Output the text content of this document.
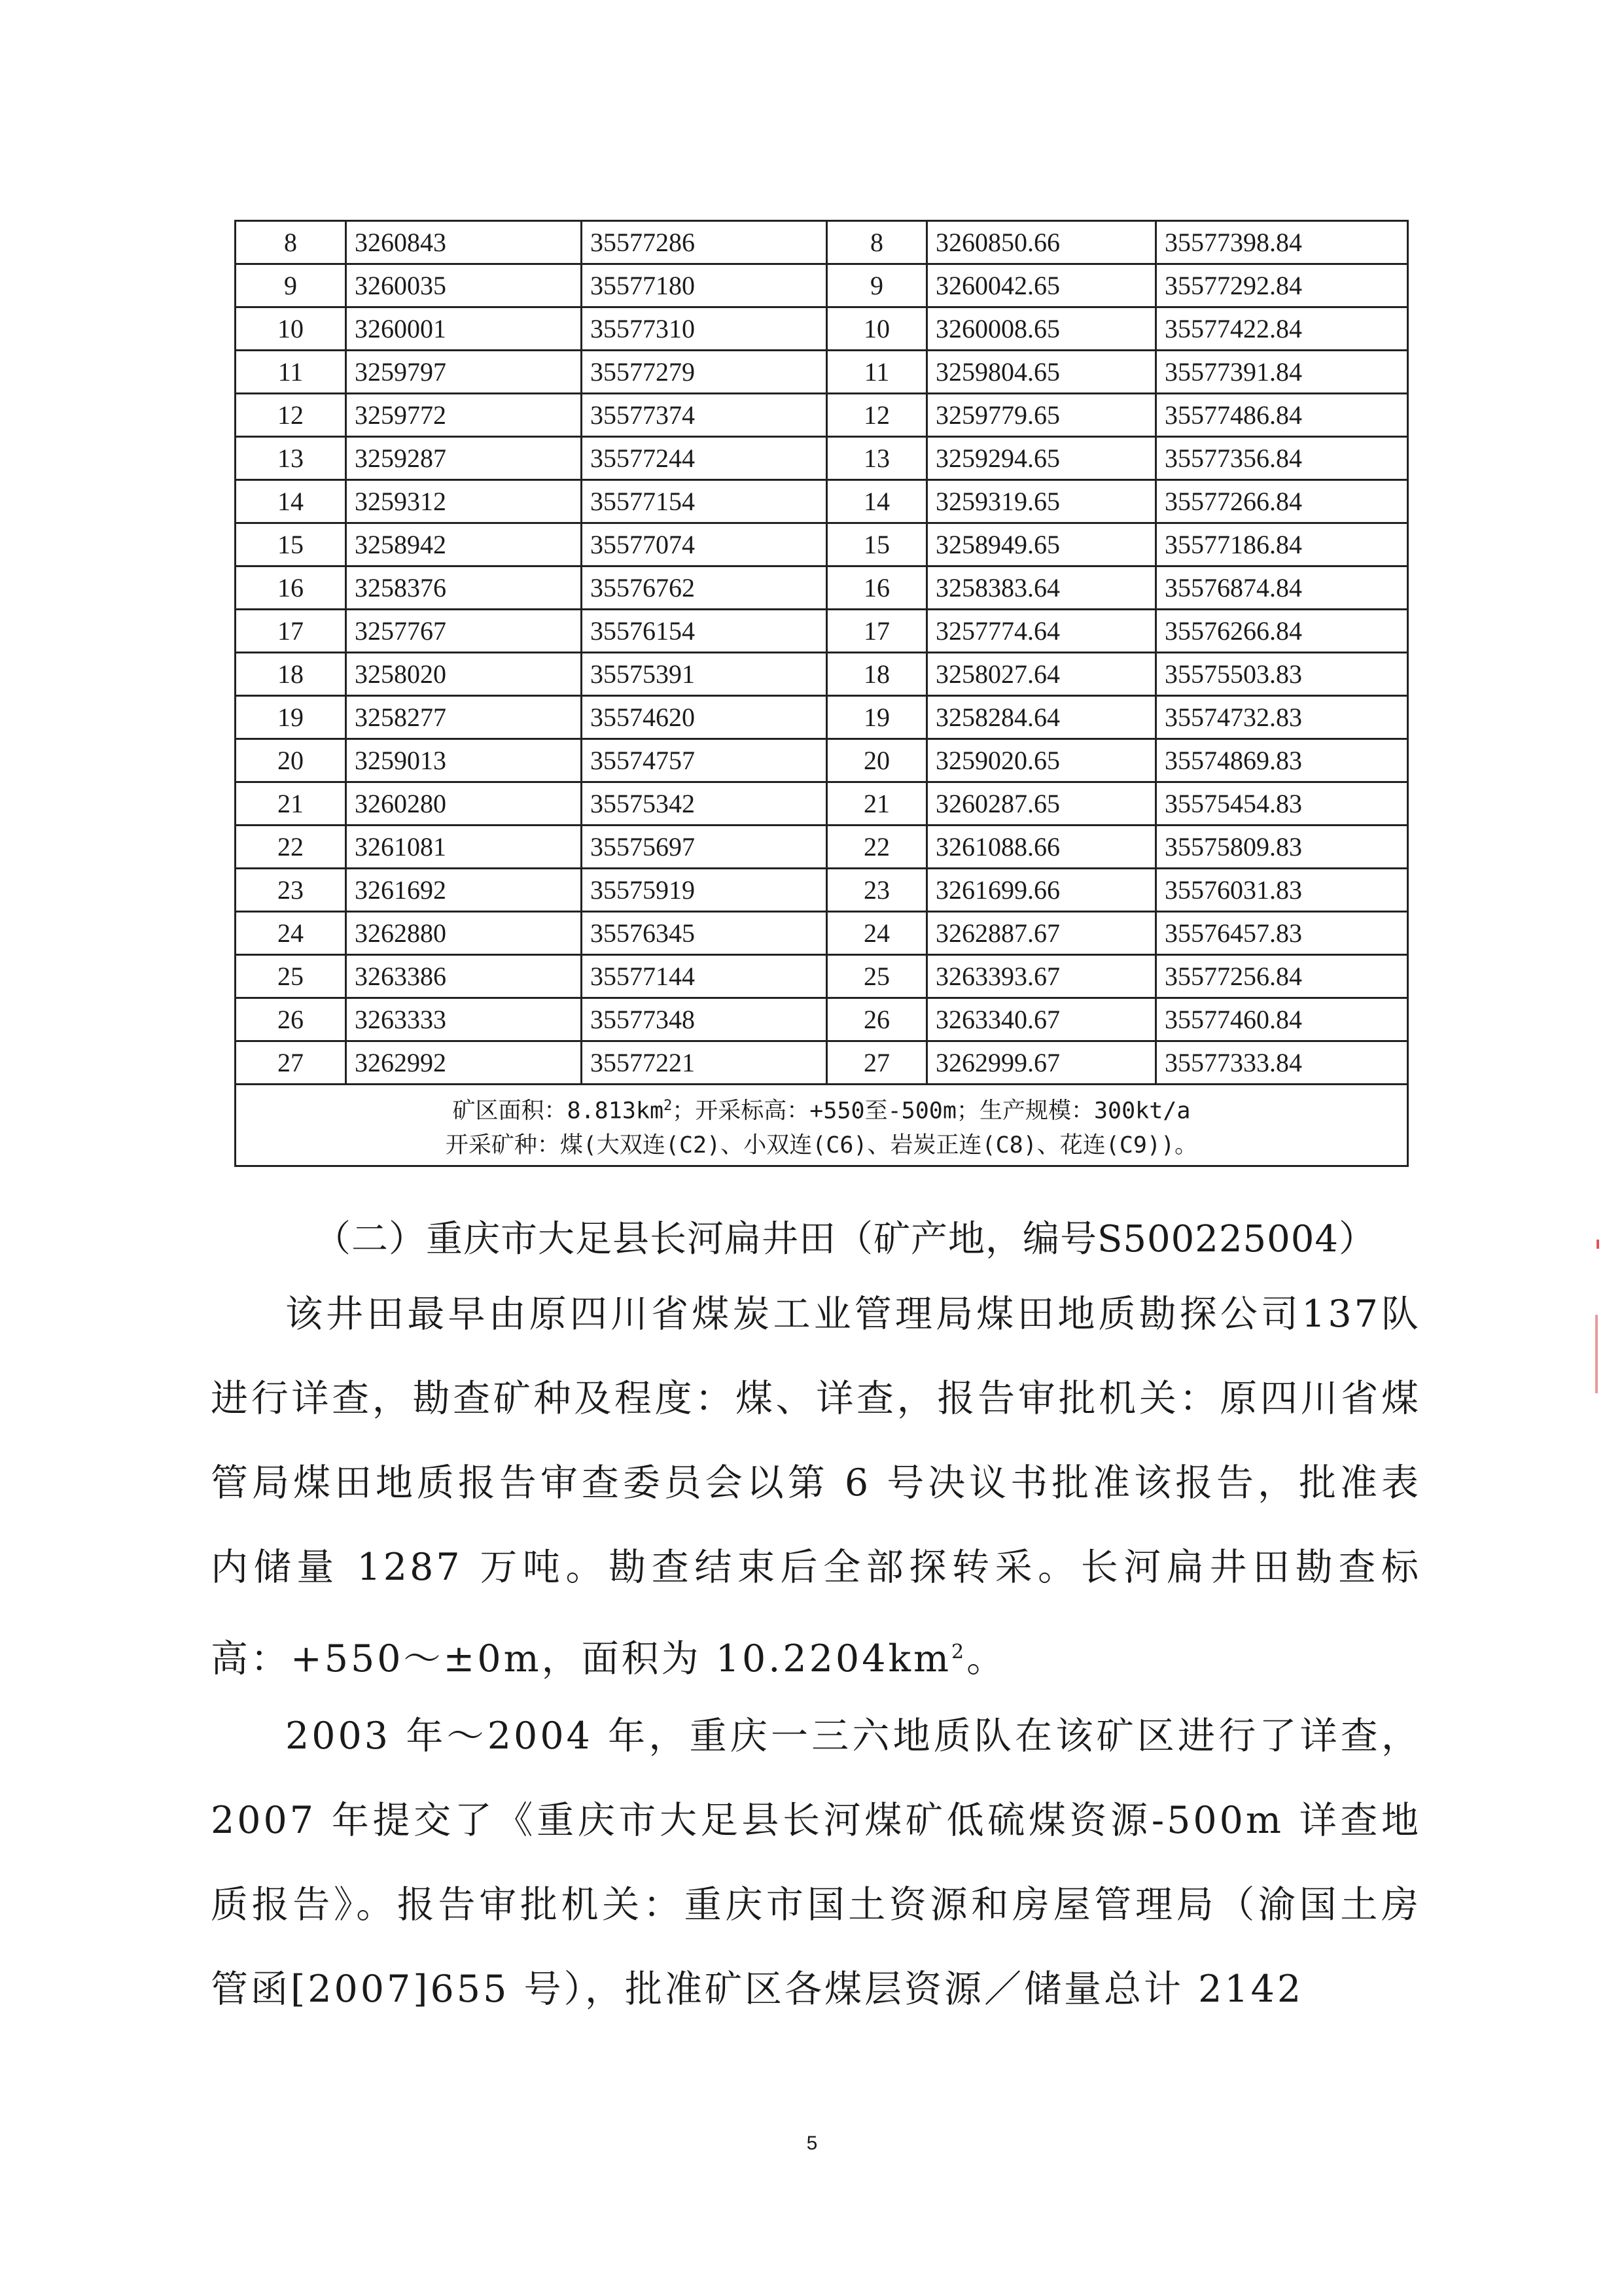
8	3260843	35577286	8	3260850.66	35577398.84
9	3260035	35577180	9	3260042.65	35577292.84
10	3260001	35577310	10	3260008.65	35577422.84
11	3259797	35577279	11	3259804.65	35577391.84
12	3259772	35577374	12	3259779.65	35577486.84
13	3259287	35577244	13	3259294.65	35577356.84
14	3259312	35577154	14	3259319.65	35577266.84
15	3258942	35577074	15	3258949.65	35577186.84
16	3258376	35576762	16	3258383.64	35576874.84
17	3257767	35576154	17	3257774.64	35576266.84
18	3258020	35575391	18	3258027.64	35575503.83
19	3258277	35574620	19	3258284.64	35574732.83
20	3259013	35574757	20	3259020.65	35574869.83
21	3260280	35575342	21	3260287.65	35575454.83
22	3261081	35575697	22	3261088.66	35575809.83
23	3261692	35575919	23	3261699.66	35576031.83
24	3262880	35576345	24	3262887.67	35576457.83
25	3263386	35577144	25	3263393.67	35577256.84
26	3263333	35577348	26	3263340.67	35577460.84
27	3262992	35577221	27	3262999.67	35577333.84

矿区面积：$8.813km^2$；开采标高：+550至-500m；生产规模：300kt/a
开采矿种：煤(大双连(C2)、小双连(C6)、岩炭正连(C8)、花连(C9))。					
（二）重庆市大足县长河扁井田（矿产地，编号S500225004）

该井田最早由原四川省煤炭工业管理局煤田地质勘探公司137队进行详查，勘查矿种及程度：煤、详查，报告审批机关：原四川省煤管局煤田地质报告审查委员会以第 6 号决议书批准该报告，批准表内储量 1287 万吨。勘查结束后全部探转采。长河扁井田勘查标高：+550～±0m，面积为 $10.2204km^2$。

2003 年～2004 年，重庆一三六地质队在该矿区进行了详查，2007 年提交了《重庆市大足县长河煤矿低硫煤资源-500m 详查地质报告》。报告审批机关：重庆市国土资源和房屋管理局（渝国土房管函[2007]655 号），批准矿区各煤层资源／储量总计 2142

5
